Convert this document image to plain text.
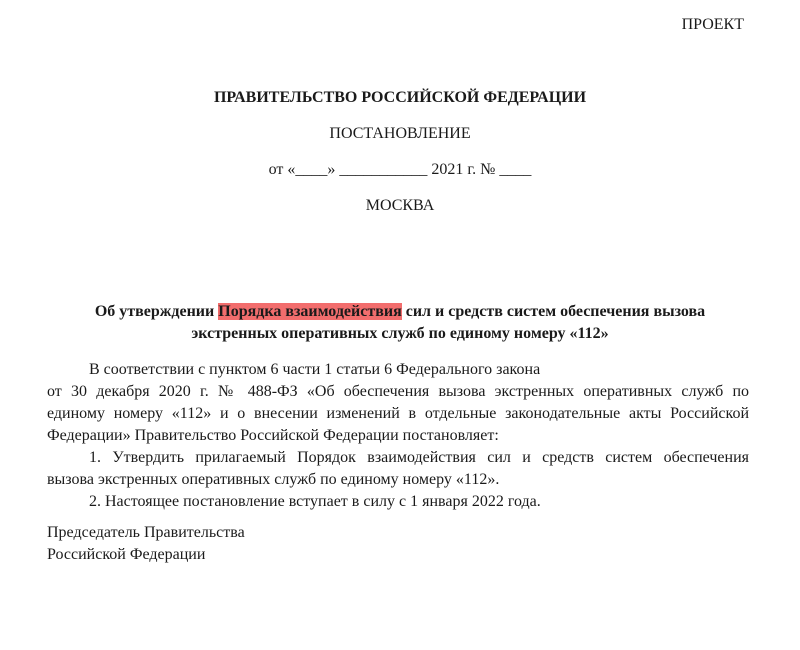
ПРОЕКТ
ПРАВИТЕЛЬСТВО РОССИЙСКОЙ ФЕДЕРАЦИИ
ПОСТАНОВЛЕНИЕ
от «____» ___________ 2021 г. № ____
МОСКВА
Об утверждении Порядка взаимодействия сил и средств систем обеспечения вызова
экстренных оперативных служб по единому номеру «112»
В соответствии с пунктом 6 части 1 статьи 6 Федерального закона
от 30 декабря 2020 г. № 488-ФЗ «Об обеспечения вызова экстренных оперативных служб по
единому номеру «112» и о внесении изменений в отдельные законодательные акты Российской
Федерации» Правительство Российской Федерации постановляет:
1. Утвердить прилагаемый Порядок взаимодействия сил и средств систем обеспечения
вызова экстренных оперативных служб по единому номеру «112».
2. Настоящее постановление вступает в силу с 1 января 2022 года.
Председатель Правительства
Российской Федерации
